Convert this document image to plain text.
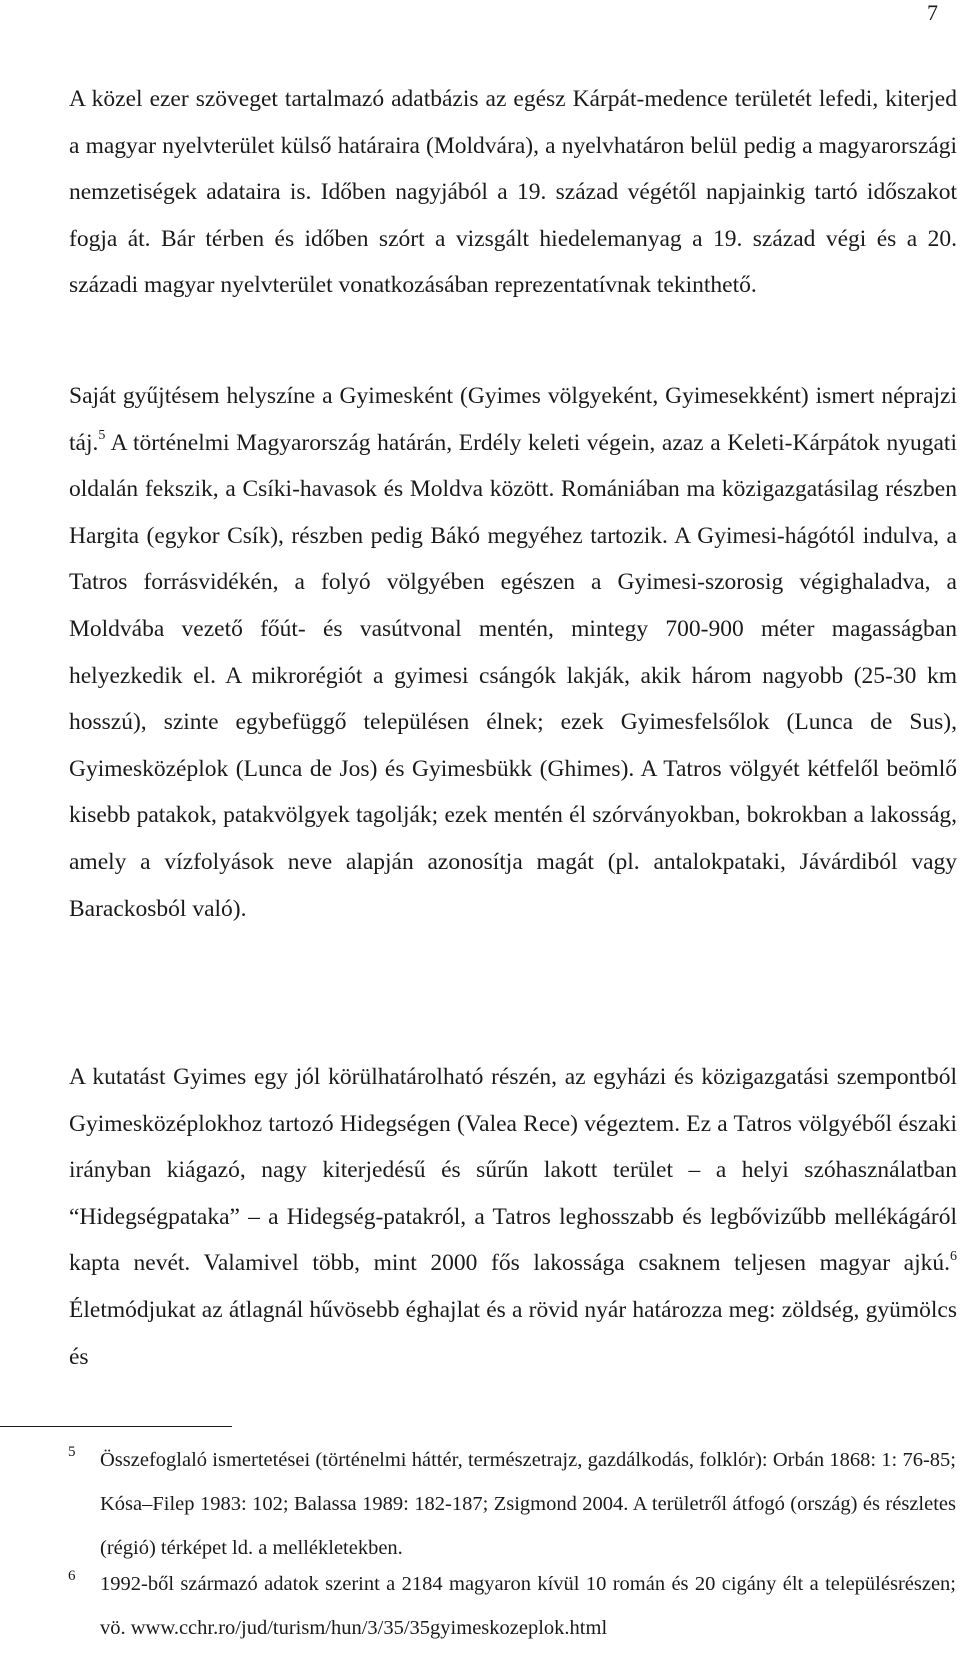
7

A közel ezer szöveget tartalmazó adatbázis az egész Kárpát-medence területét lefedi, kiterjed a magyar nyelvterület külső határaira (Moldvára), a nyelvhatáron belül pedig a magyarországi nemzetiségek adataira is. Időben nagyjából a 19. század végétől napjainkig tartó időszakot fogja át. Bár térben és időben szórt a vizsgált hiedelemanyag a 19. század végi és a 20. századi magyar nyelvterület vonatkozásában reprezentatívnak tekinthető.

Saját gyűjtésem helyszíne a Gyimesként (Gyimes völgyeként, Gyimesekként) ismert néprajzi táj.$^5$ A történelmi Magyarország határán, Erdély keleti végein, azaz a Keleti-Kárpátok nyugati oldalán fekszik, a Csíki-havasok és Moldva között. Romániában ma közigazgatásilag részben Hargita (egykor Csík), részben pedig Bákó megyéhez tartozik. A Gyimesi-hágótól indulva, a Tatros forrásvidékén, a folyó völgyében egészen a Gyimesi-szorosig végighaladva, a Moldvába vezető főút- és vasútvonal mentén, mintegy 700-900 méter magasságban helyezkedik el. A mikrorégiót a gyimesi csángók lakják, akik három nagyobb (25-30 km hosszú), szinte egybefüggő településen élnek; ezek Gyimesfelsőlok (Lunca de Sus), Gyimesközéplok (Lunca de Jos) és Gyimesbükk (Ghimes). A Tatros völgyét kétfelől beömlő kisebb patakok, patakvölgyek tagolják; ezek mentén él szórványokban, bokrokban a lakosság, amely a vízfolyások neve alapján azonosítja magát (pl. antalokpataki, Jávárdiból vagy Barackosból való).

A kutatást Gyimes egy jól körülhatárolható részén, az egyházi és közigazgatási szempontból Gyimesközéplokhoz tartozó Hidegségen (Valea Rece) végeztem. Ez a Tatros völgyéből északi irányban kiágazó, nagy kiterjedésű és sűrűn lakott terület – a helyi szóhasználatban “Hidegségpataka” – a Hidegség-patakról, a Tatros leghosszabb és legbővizűbb mellékágáról kapta nevét. Valamivel több, mint 2000 fős lakossága csaknem teljesen magyar ajkú.$^6$ Életmódjukat az átlagnál hűvösebb éghajlat és a rövid nyár határozza meg: zöldség, gyümölcs és

5 Összefoglaló ismertetései (történelmi háttér, természetrajz, gazdálkodás, folklór): Orbán 1868: 1: 76-85; Kósa–Filep 1983: 102; Balassa 1989: 182-187; Zsigmond 2004. A területről átfogó (ország) és részletes (régió) térképet ld. a mellékletekben.
6 1992-ből származó adatok szerint a 2184 magyaron kívül 10 román és 20 cigány élt a településrészen; vö. www.cchr.ro/jud/turism/hun/3/35/35gyimeskozeplok.html
